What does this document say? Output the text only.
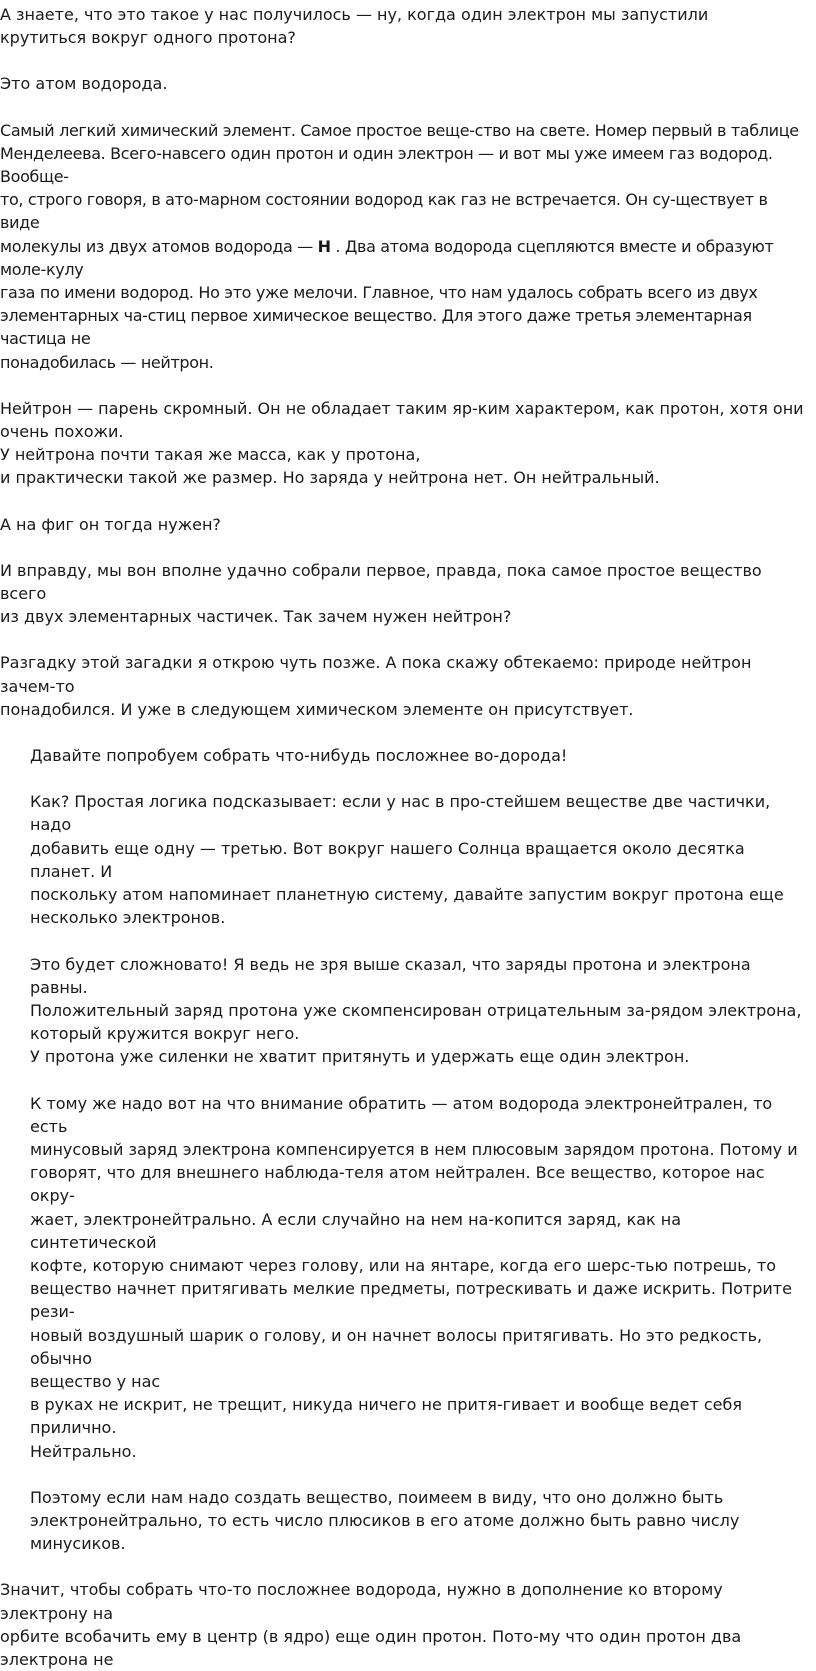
А знаете, что это такое у нас получилось — ну, когда один электрон мы запустили крутиться вокруг одного протона?

Это атом водорода.

Самый легкий химический элемент. Самое простое веще-ство на свете. Номер первый в таблице

Менделеева. Всего-навсего один протон и один электрон — и вот мы уже имеем газ водород. Вообще-

то, строго говоря, в ато-марном состоянии водород как газ не встречается. Он су-ществует в виде

молекулы из двух атомов водорода — H . Два атома водорода сцепляются вместе и образуют моле-кулу

газа по имени водород. Но это уже мелочи. Главное, что нам удалось собрать всего из двух

элементарных ча-стиц первое химическое вещество. Для этого даже третья элементарная частица не

понадобилась — нейтрон.

Нейтрон — парень скромный. Он не обладает таким яр-ким характером, как протон, хотя они

очень похожи.

У нейтрона почти такая же масса, как у протона,

и практически такой же размер. Но заряда у нейтрона нет. Он нейтральный.

А на фиг он тогда нужен?

И вправду, мы вон вполне удачно собрали первое, правда, пока самое простое вещество всего

из двух элементарных частичек. Так зачем нужен нейтрон?

Разгадку этой загадки я открою чуть позже. А пока скажу обтекаемо: природе нейтрон зачем-то

понадобился. И уже в следующем химическом элементе он присутствует.

Давайте попробуем собрать что-нибудь посложнее во-дорода!

Как? Простая логика подсказывает: если у нас в про-стейшем веществе две частички, надо

добавить еще одну — третью. Вот вокруг нашего Солнца вращается около десятка планет. И

поскольку атом напоминает планетную систему, давайте запустим вокруг протона еще

несколько электронов.

Это будет сложновато! Я ведь не зря выше сказал, что заряды протона и электрона равны.

Положительный заряд протона уже скомпенсирован отрицательным за-рядом электрона,

который кружится вокруг него.

У протона уже силенки не хватит притянуть и удержать еще один электрон.

К тому же надо вот на что внимание обратить — атом водорода электронейтрален, то есть

минусовый заряд электрона компенсируется в нем плюсовым зарядом протона. Потому и

говорят, что для внешнего наблюда-теля атом нейтрален. Все вещество, которое нас окру-

жает, электронейтрально. А если случайно на нем на-копится заряд, как на синтетической

кофте, которую снимают через голову, или на янтаре, когда его шерс-тью потрешь, то

вещество начнет притягивать мелкие предметы, потрескивать и даже искрить. Потрите рези-

новый воздушный шарик о голову, и он начнет волосы притягивать. Но это редкость, обычно

вещество у нас

в руках не искрит, не трещит, никуда ничего не притя-гивает и вообще ведет себя прилично.

Нейтрально.

Поэтому если нам надо создать вещество, поимеем в виду, что оно должно быть

электронейтрально, то есть число плюсиков в его атоме должно быть равно числу

минусиков.

Значит, чтобы собрать что-то посложнее водорода, нужно в дополнение ко второму электрону на

орбите всобачить ему в центр (в ядро) еще один протон. Пото-му что один протон два электрона не
